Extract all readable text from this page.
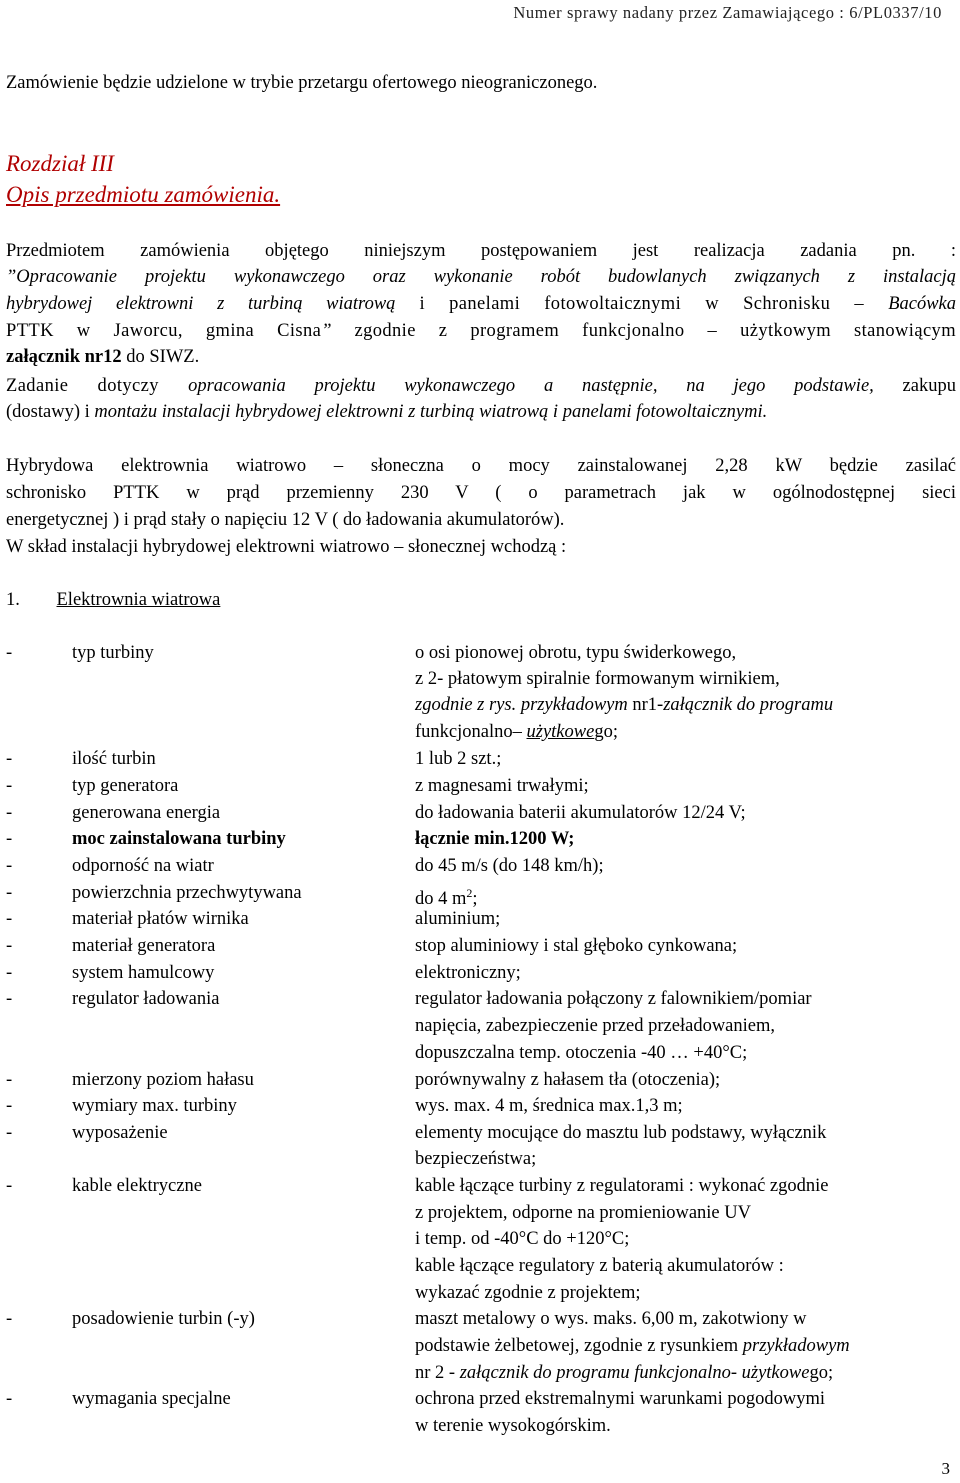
Numer sprawy nadany przez Zamawiającego : 6/PL0337/10
Zamówienie będzie udzielone w trybie przetargu ofertowego nieograniczonego.
Rozdział III
Opis przedmiotu zamówienia.
Przedmiotem zamówienia objętego niniejszym postępowaniem jest realizacja zadania pn. :
”Opracowanie projektu wykonawczego oraz wykonanie robót budowlanych związanych z instalacją
hybrydowej elektrowni z turbiną wiatrową i panelami fotowoltaicznymi w Schronisku – Bacówka
PTTK w Jaworcu, gmina Cisna” zgodnie z programem funkcjonalno – użytkowym stanowiącym
załącznik nr12 do SIWZ.
Zadanie dotyczy opracowania projektu wykonawczego a następnie, na jego podstawie, zakupu
(dostawy) i montażu instalacji hybrydowej elektrowni z turbiną wiatrową i panelami fotowoltaicznymi.
Hybrydowa elektrownia wiatrowo – słoneczna o mocy zainstalowanej 2,28 kW będzie zasilać
schronisko PTTK w prąd przemienny 230 V ( o parametrach jak w ogólnodostępnej sieci
energetycznej ) i prąd stały o napięciu 12 V ( do ładowania akumulatorów).
W skład instalacji hybrydowej elektrowni wiatrowo – słonecznej wchodzą :
1. Elektrownia wiatrowa
-	typ turbiny	o osi pionowej obrotu, typu świderkowego,
z 2- płatowym spiralnie formowanym wirnikiem,
zgodnie z rys. przykładowym nr1-załącznik do programu
funkcjonalno– użytkowego;
-	ilość turbin	1 lub 2 szt.;
-	typ generatora	z magnesami trwałymi;
-	generowana energia	do ładowania baterii akumulatorów 12/24 V;
-	moc zainstalowana turbiny	łącznie min.1200 W;
-	odporność na wiatr	do 45 m/s (do 148 km/h);
-	powierzchnia przechwytywana	do 4 $m^2$;
-	materiał płatów wirnika	aluminium;
-	materiał generatora	stop aluminiowy i stal głęboko cynkowana;
-	system hamulcowy	elektroniczny;
-	regulator ładowania	regulator ładowania połączony z falownikiem/pomiar
napięcia, zabezpieczenie przed przeładowaniem,
dopuszczalna temp. otoczenia -40 … +40°C;
-	mierzony poziom hałasu	porównywalny z hałasem tła (otoczenia);
-	wymiary max. turbiny	wys. max. 4 m, średnica max.1,3 m;
-	wyposażenie	elementy mocujące do masztu lub podstawy, wyłącznik
bezpieczeństwa;
-	kable elektryczne	kable łączące turbiny z regulatorami : wykonać zgodnie
z projektem, odporne na promieniowanie UV
i temp. od -40°C do +120°C;
kable łączące regulatory z baterią akumulatorów :
wykazać zgodnie z projektem;
-	posadowienie turbin (-y)	maszt metalowy o wys. maks. 6,00 m, zakotwiony w
podstawie żelbetowej, zgodnie z rysunkiem przykładowym
nr 2 - załącznik do programu funkcjonalno- użytkowego;
-	wymagania specjalne	ochrona przed ekstremalnymi warunkami pogodowymi
w terenie wysokogórskim.
3
